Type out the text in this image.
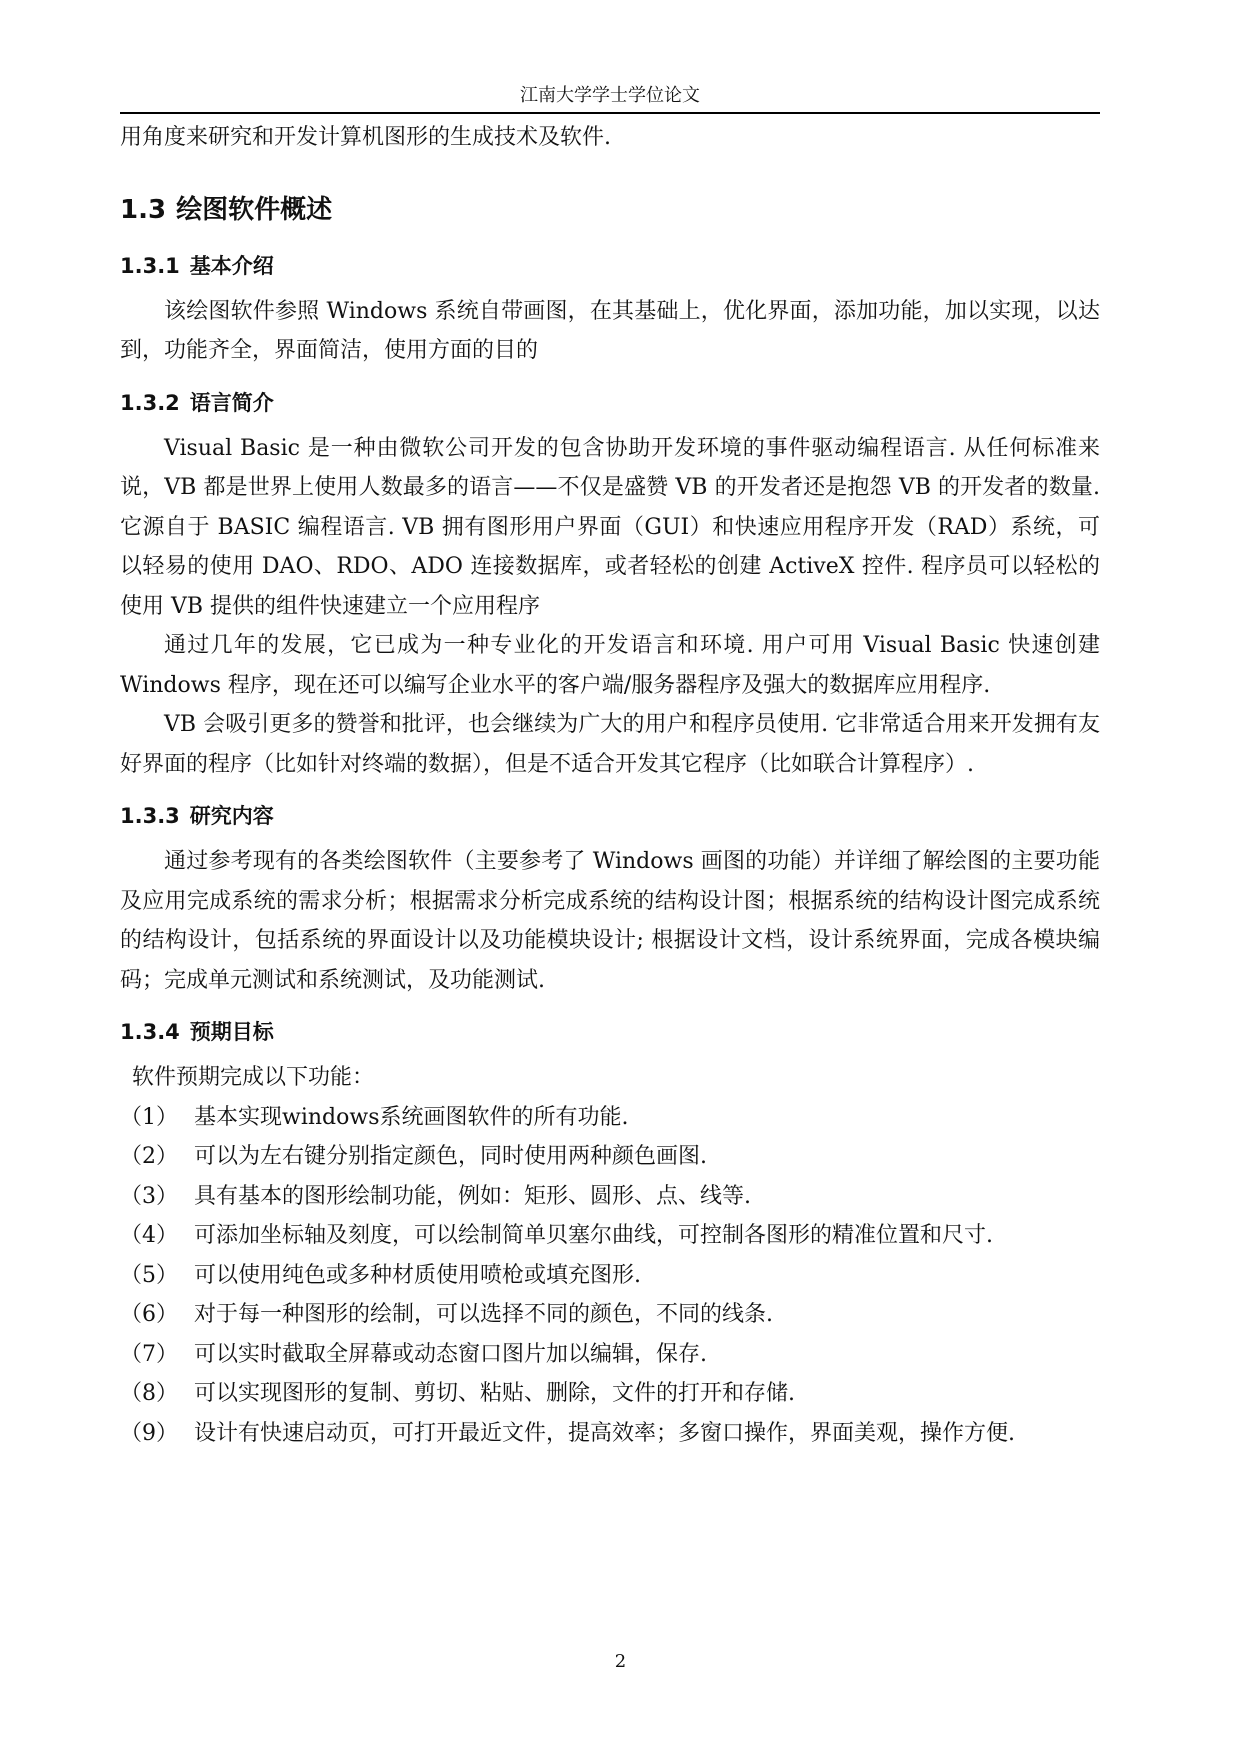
江南大学学士学位论文

用角度来研究和开发计算机图形的生成技术及软件.

1.3 绘图软件概述
1.3.1 基本介绍

该绘图软件参照 Windows 系统自带画图，在其基础上，优化界面，添加功能，加以实现，以达到，功能齐全，界面简洁，使用方面的目的

1.3.2 语言简介

Visual Basic 是一种由微软公司开发的包含协助开发环境的事件驱动编程语言. 从任何标准来说，VB 都是世界上使用人数最多的语言——不仅是盛赞 VB 的开发者还是抱怨 VB 的开发者的数量. 它源自于 BASIC 编程语言. VB 拥有图形用户界面（GUI）和快速应用程序开发（RAD）系统，可以轻易的使用 DAO、RDO、ADO 连接数据库，或者轻松的创建 ActiveX 控件. 程序员可以轻松的使用 VB 提供的组件快速建立一个应用程序

通过几年的发展，它已成为一种专业化的开发语言和环境. 用户可用 Visual Basic 快速创建 Windows 程序，现在还可以编写企业水平的客户端/服务器程序及强大的数据库应用程序.

VB 会吸引更多的赞誉和批评，也会继续为广大的用户和程序员使用. 它非常适合用来开发拥有友好界面的程序（比如针对终端的数据），但是不适合开发其它程序（比如联合计算程序）.

1.3.3 研究内容

通过参考现有的各类绘图软件（主要参考了 Windows 画图的功能）并详细了解绘图的主要功能及应用完成系统的需求分析；根据需求分析完成系统的结构设计图；根据系统的结构设计图完成系统的结构设计，包括系统的界面设计以及功能模块设计; 根据设计文档，设计系统界面，完成各模块编码；完成单元测试和系统测试，及功能测试.

1.3.4 预期目标

软件预期完成以下功能：

（1） 基本实现windows系统画图软件的所有功能.
（2） 可以为左右键分别指定颜色，同时使用两种颜色画图.
（3） 具有基本的图形绘制功能，例如：矩形、圆形、点、线等.
（4） 可添加坐标轴及刻度，可以绘制简单贝塞尔曲线，可控制各图形的精准位置和尺寸.
（5） 可以使用纯色或多种材质使用喷枪或填充图形.
（6） 对于每一种图形的绘制，可以选择不同的颜色，不同的线条.
（7） 可以实时截取全屏幕或动态窗口图片加以编辑，保存.
（8） 可以实现图形的复制、剪切、粘贴、删除，文件的打开和存储.
（9） 设计有快速启动页，可打开最近文件，提高效率；多窗口操作，界面美观，操作方便.
2
